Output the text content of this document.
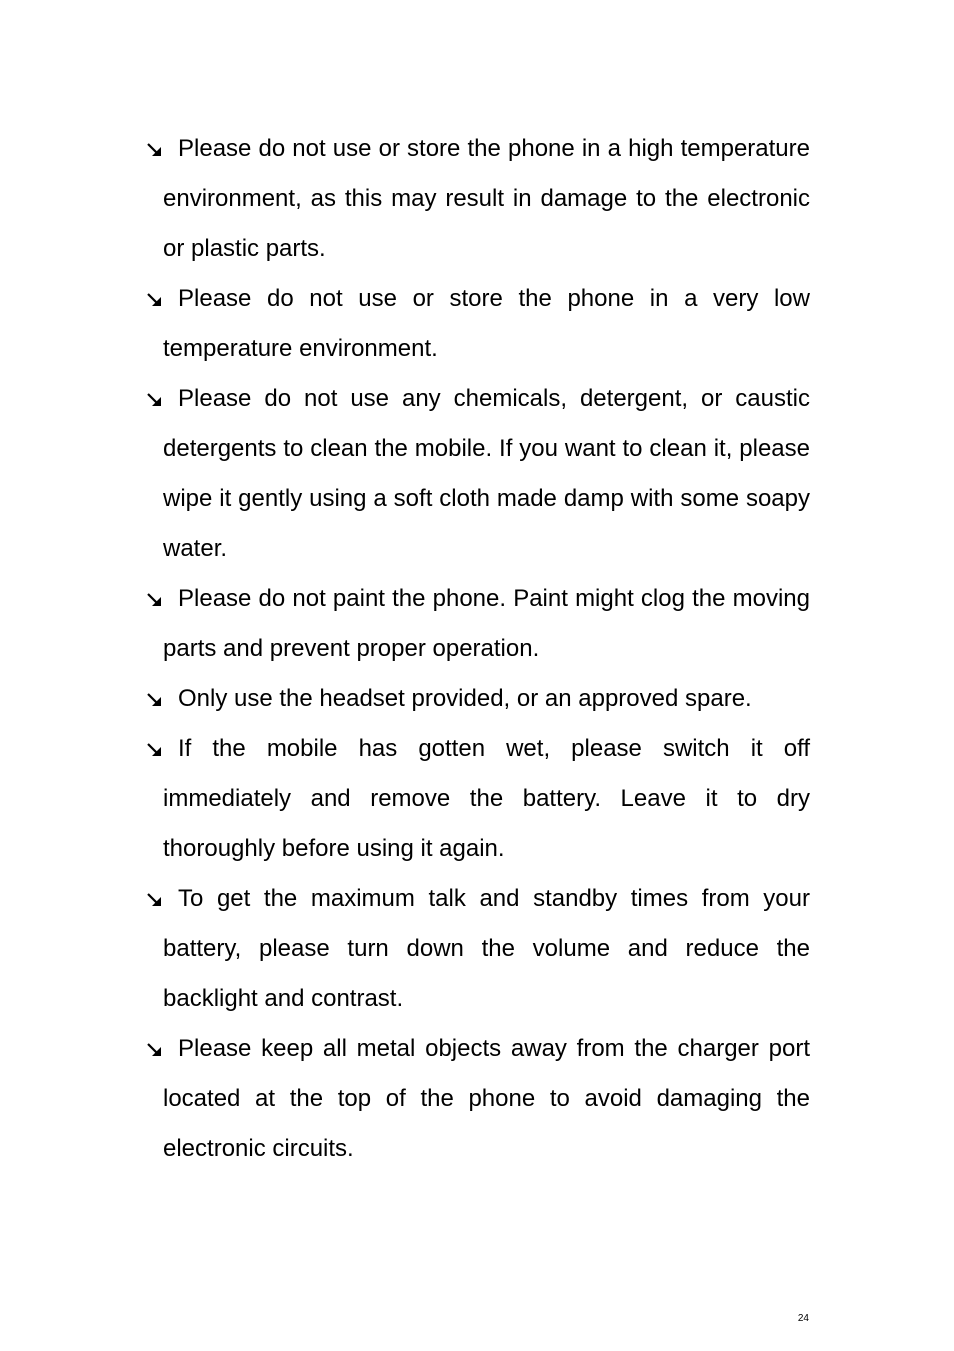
Please do not use or store the phone in a high temperature environment, as this may result in damage to the electronic or plastic parts.
Please do not use or store the phone in a very low temperature environment.
Please do not use any chemicals, detergent, or caustic detergents to clean the mobile. If you want to clean it, please wipe it gently using a soft cloth made damp with some soapy water.
Please do not paint the phone. Paint might clog the moving parts and prevent proper operation.
Only use the headset provided, or an approved spare.
If the mobile has gotten wet, please switch it off immediately and remove the battery. Leave it to dry thoroughly before using it again.
To get the maximum talk and standby times from your battery, please turn down the volume and reduce the backlight and contrast.
Please keep all metal objects away from the charger port located at the top of the phone to avoid damaging the electronic circuits.
24
